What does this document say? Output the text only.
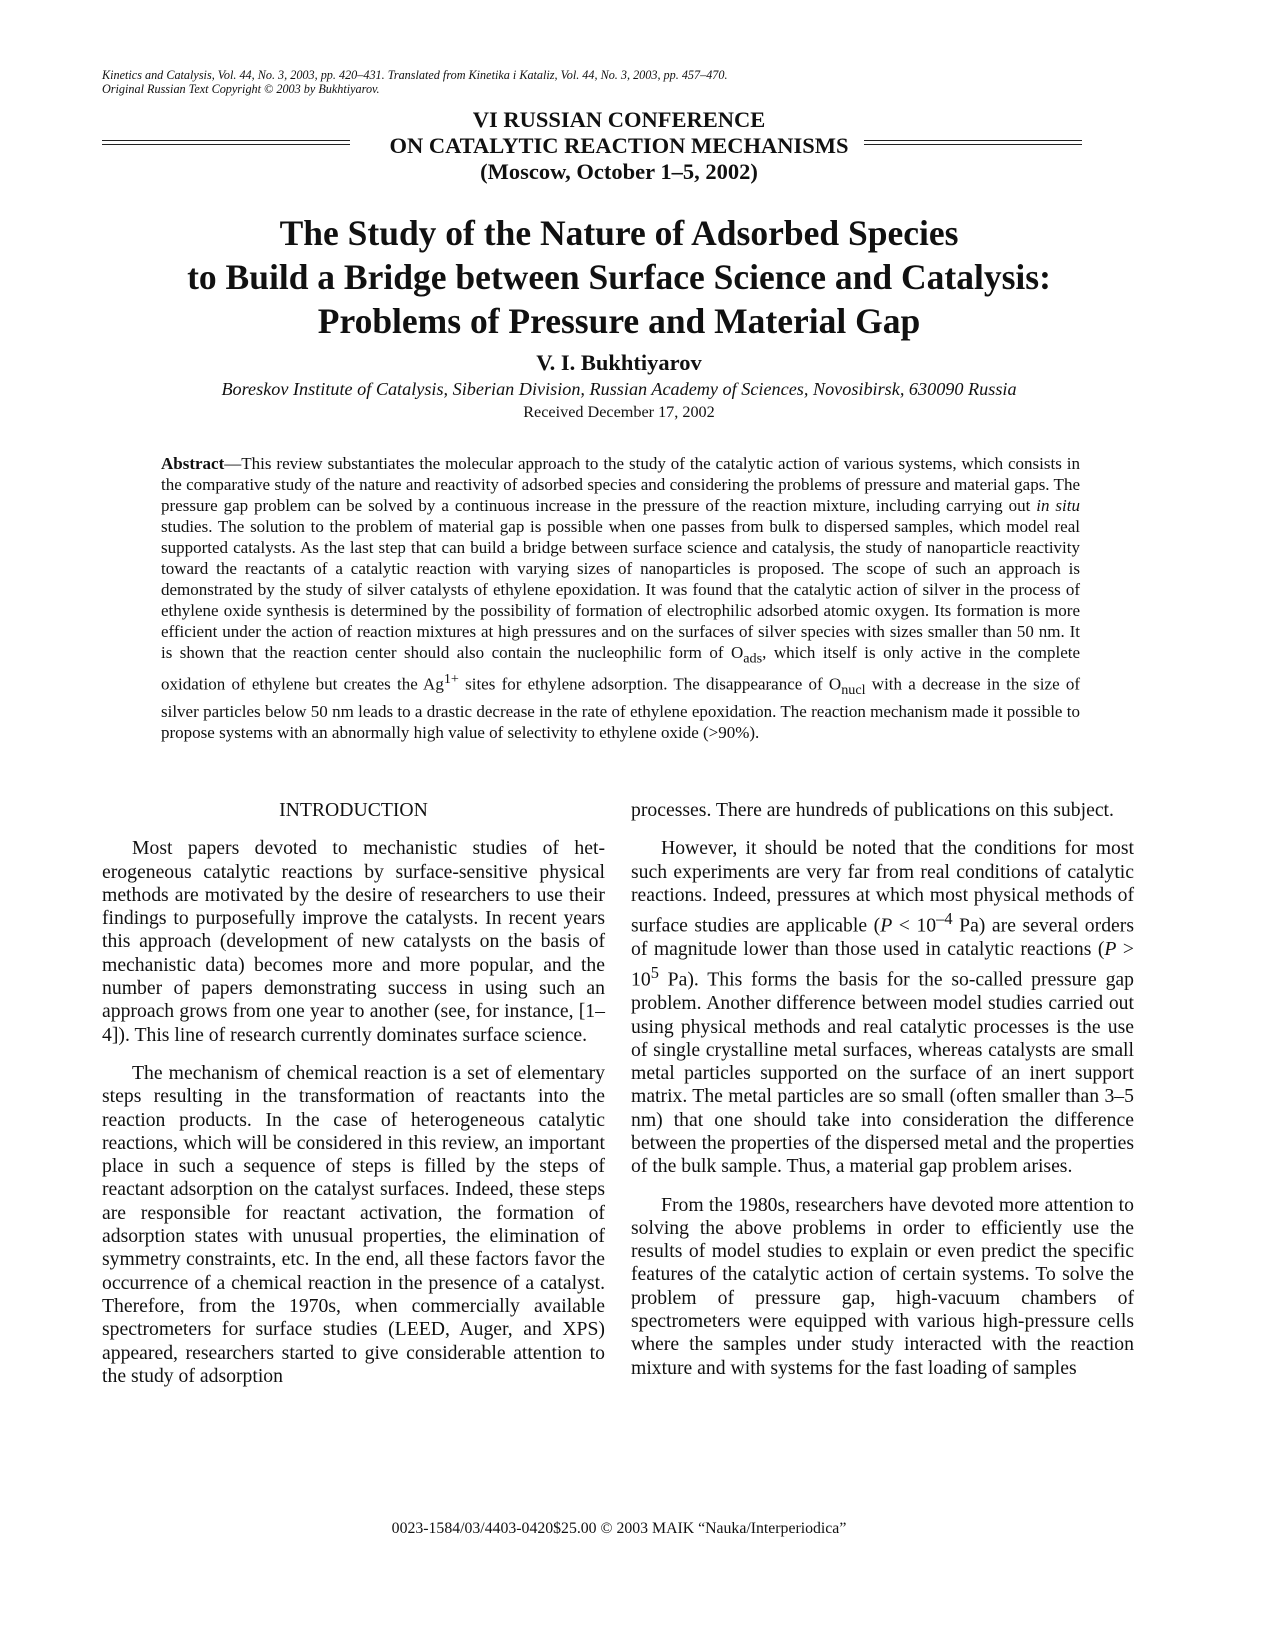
Kinetics and Catalysis, Vol. 44, No. 3, 2003, pp. 420–431. Translated from Kinetika i Kataliz, Vol. 44, No. 3, 2003, pp. 457–470.
Original Russian Text Copyright © 2003 by Bukhtiyarov.
VI RUSSIAN CONFERENCE
ON CATALYTIC REACTION MECHANISMS
(Moscow, October 1–5, 2002)
The Study of the Nature of Adsorbed Species
to Build a Bridge between Surface Science and Catalysis:
Problems of Pressure and Material Gap
V. I. Bukhtiyarov
Boreskov Institute of Catalysis, Siberian Division, Russian Academy of Sciences, Novosibirsk, 630090 Russia
Received December 17, 2002
Abstract—This review substantiates the molecular approach to the study of the catalytic action of various systems, which consists in the comparative study of the nature and reactivity of adsorbed species and considering the problems of pressure and material gaps. The pressure gap problem can be solved by a continuous increase in the pressure of the reaction mixture, including carrying out in situ studies. The solution to the problem of material gap is possible when one passes from bulk to dispersed samples, which model real supported catalysts. As the last step that can build a bridge between surface science and catalysis, the study of nanoparticle reactivity toward the reactants of a catalytic reaction with varying sizes of nanoparticles is proposed. The scope of such an approach is demonstrated by the study of silver catalysts of ethylene epoxidation. It was found that the catalytic action of silver in the process of ethylene oxide synthesis is determined by the possibility of formation of electrophilic adsorbed atomic oxygen. Its formation is more efficient under the action of reaction mixtures at high pressures and on the surfaces of silver species with sizes smaller than 50 nm. It is shown that the reaction center should also contain the nucleophilic form of $O_{ads}$, which itself is only active in the complete oxidation of ethylene but creates the $Ag^{1+}$ sites for ethylene adsorption. The disappearance of $O_{nucl}$ with a decrease in the size of silver particles below 50 nm leads to a drastic decrease in the rate of ethylene epoxidation. The reaction mechanism made it possible to propose systems with an abnormally high value of selectivity to ethylene oxide (>90%).

INTRODUCTION

Most papers devoted to mechanistic studies of heterogeneous catalytic reactions by surface-sensitive physical methods are motivated by the desire of researchers to use their findings to purposefully improve the catalysts. In recent years this approach (development of new catalysts on the basis of mechanistic data) becomes more and more popular, and the number of papers demonstrating success in using such an approach grows from one year to another (see, for instance, [1–4]). This line of research currently dominates surface science.

The mechanism of chemical reaction is a set of elementary steps resulting in the transformation of reactants into the reaction products. In the case of heterogeneous catalytic reactions, which will be considered in this review, an important place in such a sequence of steps is filled by the steps of reactant adsorption on the catalyst surfaces. Indeed, these steps are responsible for reactant activation, the formation of adsorption states with unusual properties, the elimination of symmetry constraints, etc. In the end, all these factors favor the occurrence of a chemical reaction in the presence of a catalyst. Therefore, from the 1970s, when commercially available spectrometers for surface studies (LEED, Auger, and XPS) appeared, researchers started to give considerable attention to the study of adsorption

processes. There are hundreds of publications on this subject.

However, it should be noted that the conditions for most such experiments are very far from real conditions of catalytic reactions. Indeed, pressures at which most physical methods of surface studies are applicable ($P < 10^{-4}$ Pa) are several orders of magnitude lower than those used in catalytic reactions ($P > 10^5$ Pa). This forms the basis for the so-called pressure gap problem. Another difference between model studies carried out using physical methods and real catalytic processes is the use of single crystalline metal surfaces, whereas catalysts are small metal particles supported on the surface of an inert support matrix. The metal particles are so small (often smaller than 3–5 nm) that one should take into consideration the difference between the properties of the dispersed metal and the properties of the bulk sample. Thus, a material gap problem arises.

From the 1980s, researchers have devoted more attention to solving the above problems in order to efficiently use the results of model studies to explain or even predict the specific features of the catalytic action of certain systems. To solve the problem of pressure gap, high-vacuum chambers of spectrometers were equipped with various high-pressure cells where the samples under study interacted with the reaction mixture and with systems for the fast loading of samples

0023-1584/03/4403-0420$25.00 © 2003 MAIK “Nauka/Interperiodica”
